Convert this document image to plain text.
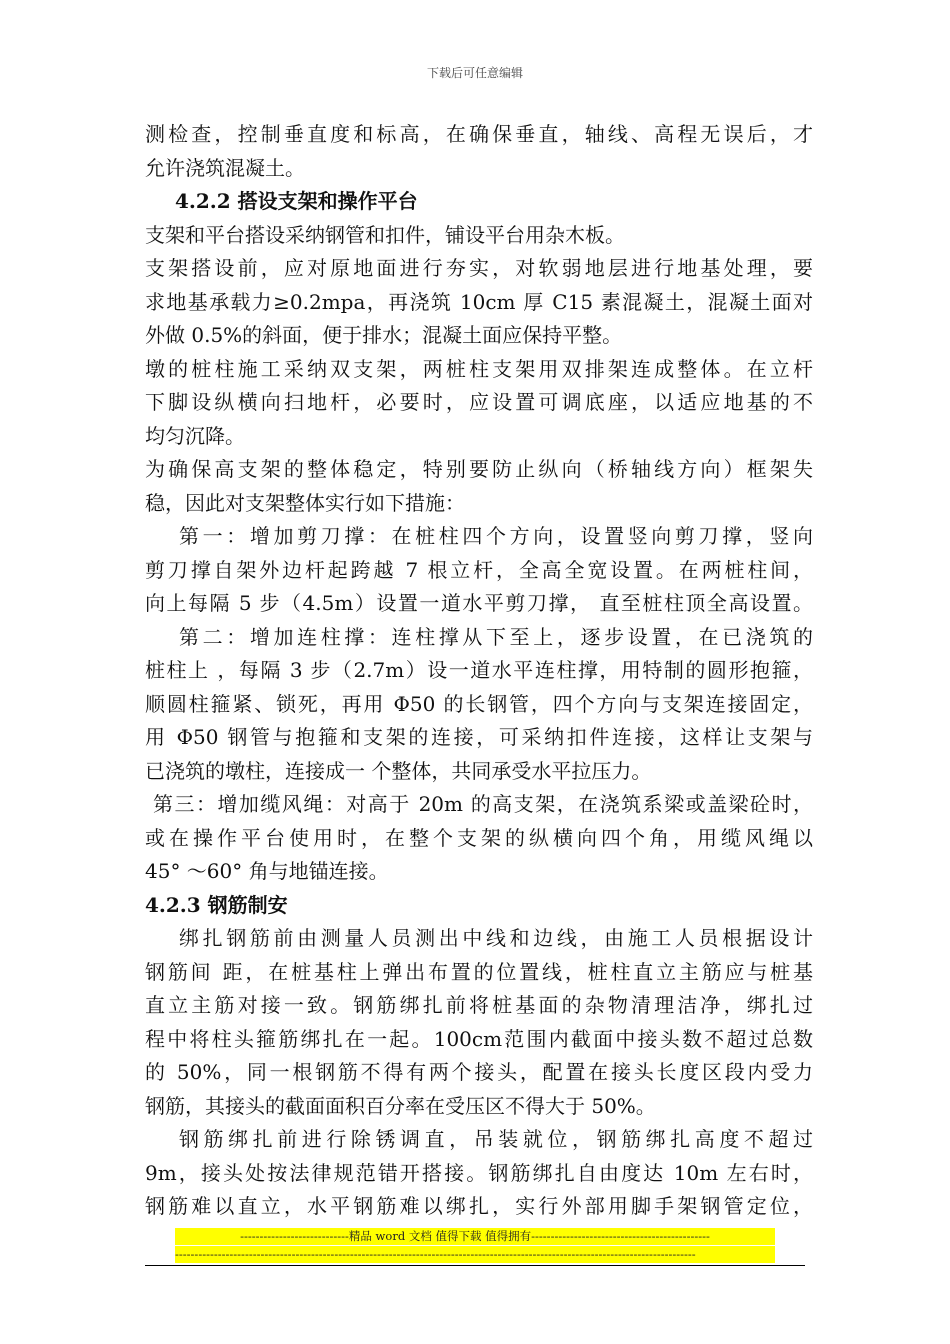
下载后可任意编辑
测检查，控制垂直度和标高，在确保垂直，轴线、高程无误后，才
允许浇筑混凝土。
4.2.2 搭设支架和操作平台
支架和平台搭设采纳钢管和扣件，铺设平台用杂木板。
支架搭设前，应对原地面进行夯实，对软弱地层进行地基处理，要
求地基承载力≥0.2mpa，再浇筑 10cm 厚 C15 素混凝土，混凝土面对
外做 0.5%的斜面，便于排水；混凝土面应保持平整。
墩的桩柱施工采纳双支架，两桩柱支架用双排架连成整体。在立杆
下脚设纵横向扫地杆，必要时，应设置可调底座，以适应地基的不
均匀沉降。
为确保高支架的整体稳定，特别要防止纵向（桥轴线方向）框架失
稳，因此对支架整体实行如下措施：
第一：增加剪刀撑：在桩柱四个方向，设置竖向剪刀撑，竖向
剪刀撑自架外边杆起跨越 7 根立杆，全高全宽设置。在两桩柱间，
向上每隔 5 步（4.5m）设置一道水平剪刀撑， 直至桩柱顶全高设置。
第二：增加连柱撑：连柱撑从下至上，逐步设置，在已浇筑的
桩柱上 ，每隔 3 步（2.7m）设一道水平连柱撑，用特制的圆形抱箍，
顺圆柱箍紧、锁死，再用 Φ50 的长钢管，四个方向与支架连接固定，
用 Φ50 钢管与抱箍和支架的连接，可采纳扣件连接，这样让支架与
已浇筑的墩柱，连接成一 个整体，共同承受水平拉压力。
第三：增加缆风绳：对高于 20m 的高支架，在浇筑系梁或盖梁砼时，
或在操作平台使用时，在整个支架的纵横向四个角，用缆风绳以
45° ～60° 角与地锚连接。
4.2.3 钢筋制安
绑扎钢筋前由测量人员测出中线和边线，由施工人员根据设计
钢筋间 距，在桩基柱上弹出布置的位置线，桩柱直立主筋应与桩基
直立主筋对接一致。钢筋绑扎前将桩基面的杂物清理洁净，绑扎过
程中将柱头箍筋绑扎在一起。100cm范围内截面中接头数不超过总数
的 50%，同一根钢筋不得有两个接头，配置在接头长度区段内受力
钢筋，其接头的截面面积百分率在受压区不得大于 50%。
钢筋绑扎前进行除锈调直，吊装就位，钢筋绑扎高度不超过
9m，接头处按法律规范错开搭接。钢筋绑扎自由度达 10m 左右时，
钢筋难以直立，水平钢筋难以绑扎，实行外部用脚手架钢管定位，
----------------------------精品 word 文档 值得下载 值得拥有----------------------------------------------
--------------------------------------------------------------------------------------------------------------------------------------
